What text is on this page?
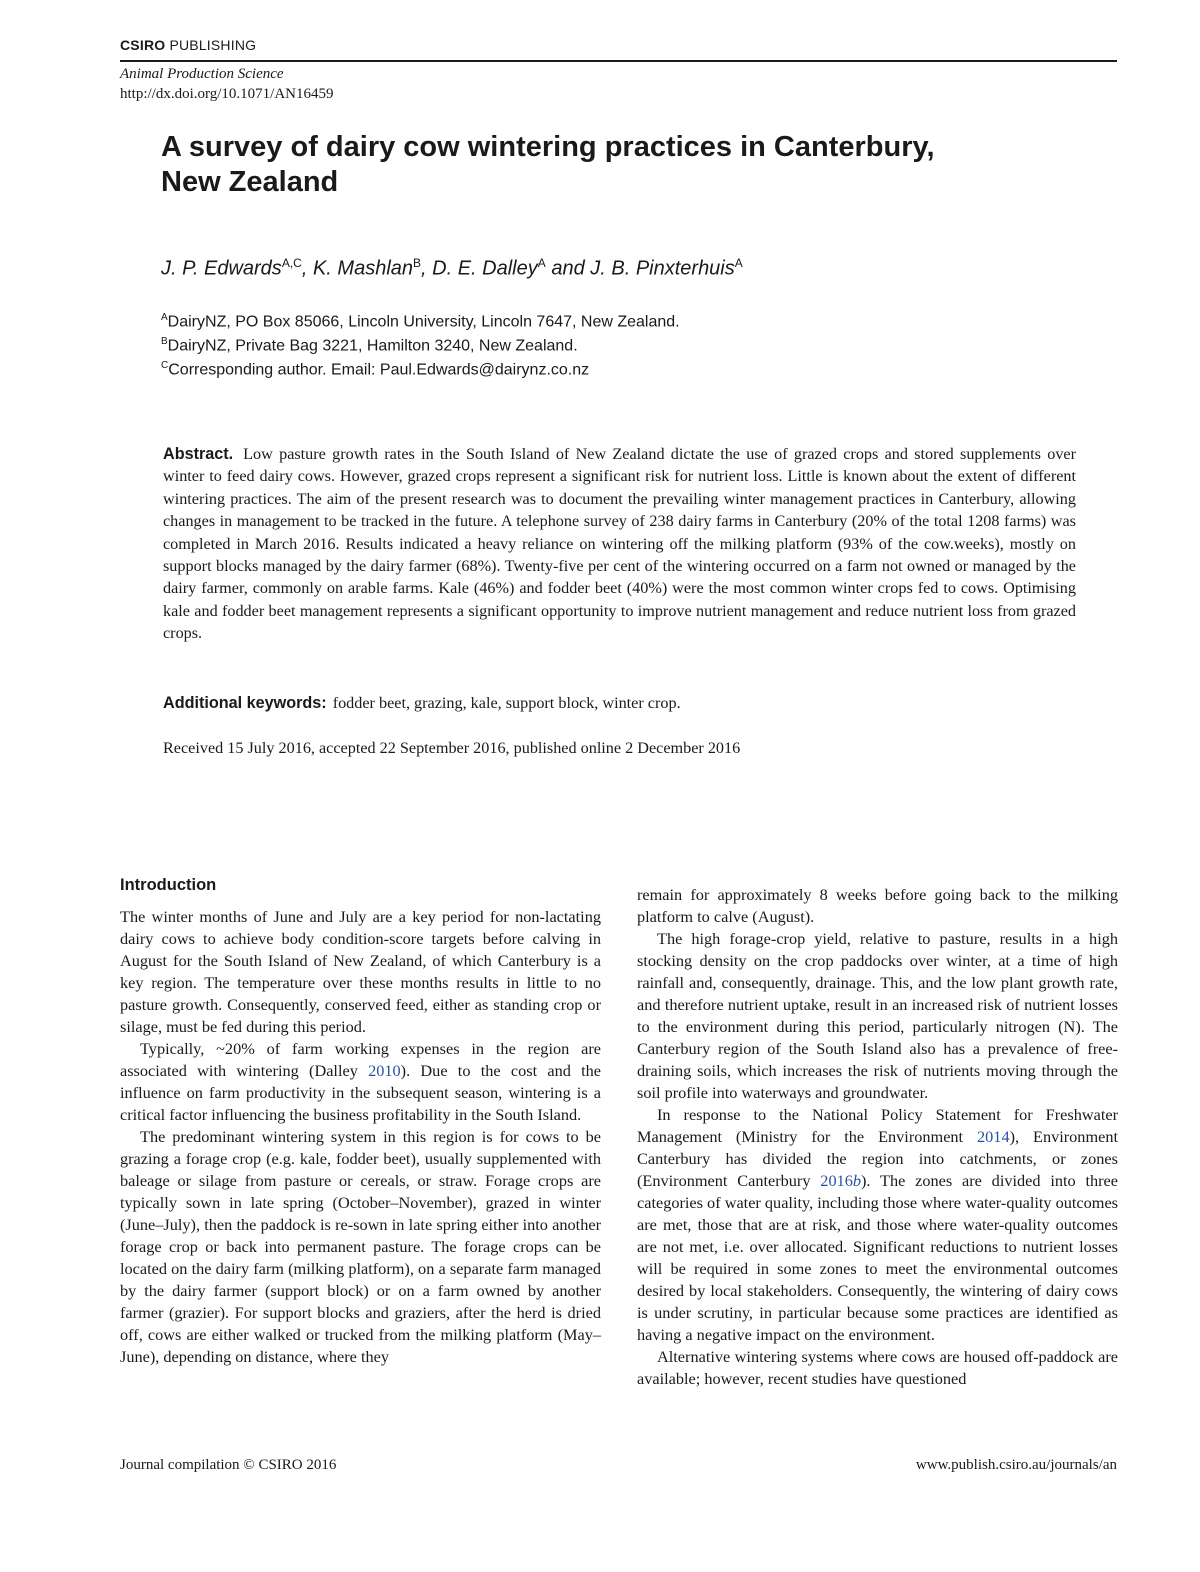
CSIRO PUBLISHING
Animal Production Science
http://dx.doi.org/10.1071/AN16459
A survey of dairy cow wintering practices in Canterbury,
New Zealand
J. P. Edwards$^{A,C}$, K. Mashlan$^B$, D. E. Dalley$^A$ and J. B. Pinxterhuis$^A$
$^A$DairyNZ, PO Box 85066, Lincoln University, Lincoln 7647, New Zealand.
$^B$DairyNZ, Private Bag 3221, Hamilton 3240, New Zealand.
$^C$Corresponding author. Email: Paul.Edwards@dairynz.co.nz
Abstract. Low pasture growth rates in the South Island of New Zealand dictate the use of grazed crops and stored supplements over winter to feed dairy cows. However, grazed crops represent a significant risk for nutrient loss. Little is known about the extent of different wintering practices. The aim of the present research was to document the prevailing winter management practices in Canterbury, allowing changes in management to be tracked in the future. A telephone survey of 238 dairy farms in Canterbury (20% of the total 1208 farms) was completed in March 2016. Results indicated a heavy reliance on wintering off the milking platform (93% of the cow.weeks), mostly on support blocks managed by the dairy farmer (68%). Twenty-five per cent of the wintering occurred on a farm not owned or managed by the dairy farmer, commonly on arable farms. Kale (46%) and fodder beet (40%) were the most common winter crops fed to cows. Optimising kale and fodder beet management represents a significant opportunity to improve nutrient management and reduce nutrient loss from grazed crops.
Additional keywords: fodder beet, grazing, kale, support block, winter crop.
Received 15 July 2016, accepted 22 September 2016, published online 2 December 2016
Introduction

The winter months of June and July are a key period for non-lactating dairy cows to achieve body condition-score targets before calving in August for the South Island of New Zealand, of which Canterbury is a key region. The temperature over these months results in little to no pasture growth. Consequently, conserved feed, either as standing crop or silage, must be fed during this period.

Typically, ~20% of farm working expenses in the region are associated with wintering (Dalley 2010). Due to the cost and the influence on farm productivity in the subsequent season, wintering is a critical factor influencing the business profitability in the South Island.

The predominant wintering system in this region is for cows to be grazing a forage crop (e.g. kale, fodder beet), usually supplemented with baleage or silage from pasture or cereals, or straw. Forage crops are typically sown in late spring (October–November), grazed in winter (June–July), then the paddock is re-sown in late spring either into another forage crop or back into permanent pasture. The forage crops can be located on the dairy farm (milking platform), on a separate farm managed by the dairy farmer (support block) or on a farm owned by another farmer (grazier). For support blocks and graziers, after the herd is dried off, cows are either walked or trucked from the milking platform (May–June), depending on distance, where they

remain for approximately 8 weeks before going back to the milking platform to calve (August).

The high forage-crop yield, relative to pasture, results in a high stocking density on the crop paddocks over winter, at a time of high rainfall and, consequently, drainage. This, and the low plant growth rate, and therefore nutrient uptake, result in an increased risk of nutrient losses to the environment during this period, particularly nitrogen (N). The Canterbury region of the South Island also has a prevalence of free-draining soils, which increases the risk of nutrients moving through the soil profile into waterways and groundwater.

In response to the National Policy Statement for Freshwater Management (Ministry for the Environment 2014), Environment Canterbury has divided the region into catchments, or zones (Environment Canterbury 2016b). The zones are divided into three categories of water quality, including those where water-quality outcomes are met, those that are at risk, and those where water-quality outcomes are not met, i.e. over allocated. Significant reductions to nutrient losses will be required in some zones to meet the environmental outcomes desired by local stakeholders. Consequently, the wintering of dairy cows is under scrutiny, in particular because some practices are identified as having a negative impact on the environment.

Alternative wintering systems where cows are housed off-paddock are available; however, recent studies have questioned

Journal compilation © CSIRO 2016	www.publish.csiro.au/journals/an
